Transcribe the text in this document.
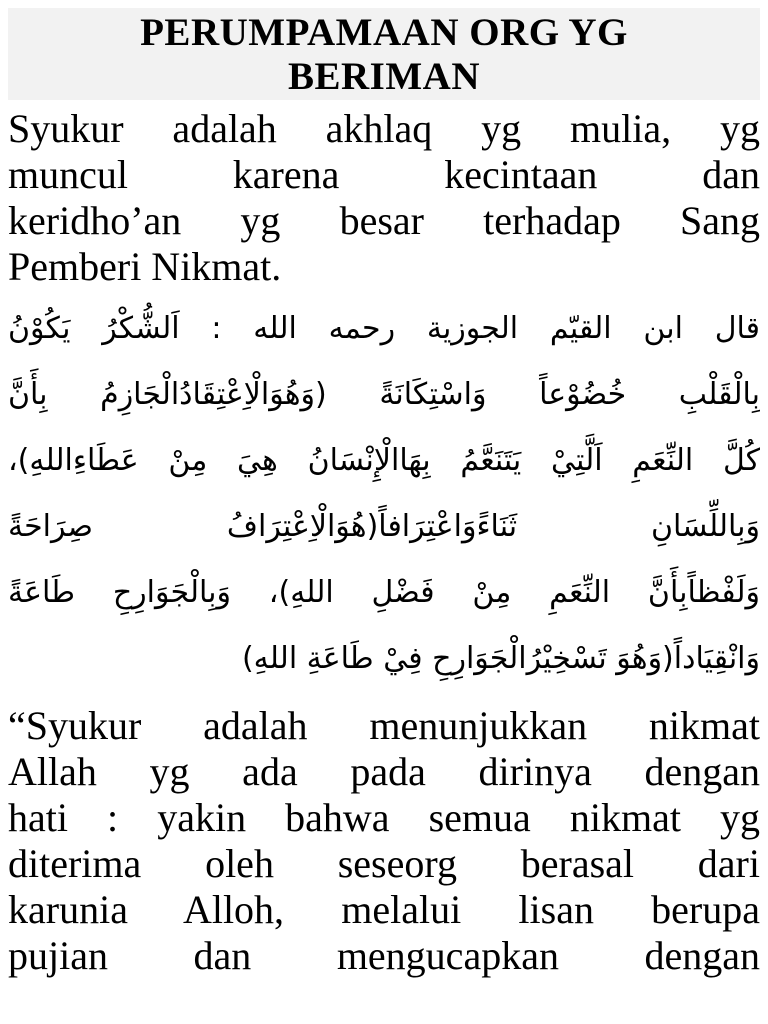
PERUMPAMAAN ORG YG
BERIMAN
Syukur adalah akhlaq yg mulia, yg
muncul karena kecintaan dan
keridho’an yg besar terhadap Sang
Pemberi Nikmat.
قال ابن القيّم الجوزية رحمه الله : اَلشُّكْرُ يَكُوْنُ
بِالْقَلْبِ خُضُوْعاً وَاسْتِكَانَةً (وَهُوَالْاِعْتِقَادُالْجَازِمُ بِأَنَّ
كُلَّ النِّعَمِ اَلَّتِيْ يَتَنَعَّمُ بِهَاالْإِنْسَانُ هِيَ مِنْ عَطَاءِاللهِ)،
وَبِاللِّسَانِ ثَنَاءًوَاعْتِرَافاً(هُوَالْاِعْتِرَافُ صِرَاحَةً
وَلَفْظاًبِأَنَّ النِّعَمِ مِنْ فَضْلِ اللهِ)، وَبِالْجَوَارِحِ طَاعَةً
وَانْقِيَاداً(وَهُوَ تَسْخِيْرُالْجَوَارِحِ فِيْ طَاعَةِ اللهِ)
“Syukur adalah menunjukkan nikmat
Allah yg ada pada dirinya dengan
hati : yakin bahwa semua nikmat yg
diterima oleh seseorg berasal dari
karunia Alloh, melalui lisan berupa
pujian dan mengucapkan dengan
